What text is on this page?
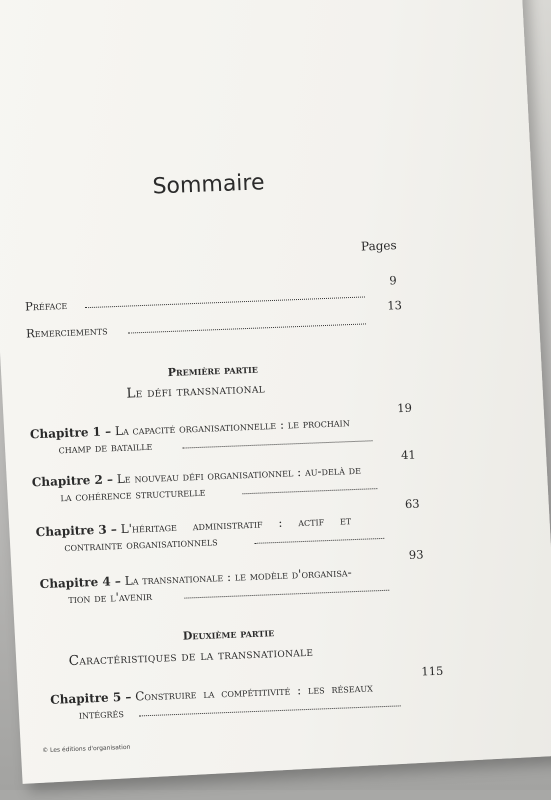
Sommaire
Pages
Préface
9
Remerciements
13
Première partie
Le défi transnational
Chapitre 1 – La capacité organisationnelle : le prochain
champ de bataille
19
Chapitre 2 – Le nouveau défi organisationnel : au-delà de
la cohérence structurelle
41
Chapitre 3 – L'héritage administratif : actif et
contrainte organisationnels
63
Chapitre 4 – La transnationale : le modèle d'organisa-
tion de l'avenir
93
Deuxième partie
Caractéristiques de la transnationale
Chapitre 5 – Construire la compétitivité : les réseaux
intégrés
115
© Les éditions d'organisation
